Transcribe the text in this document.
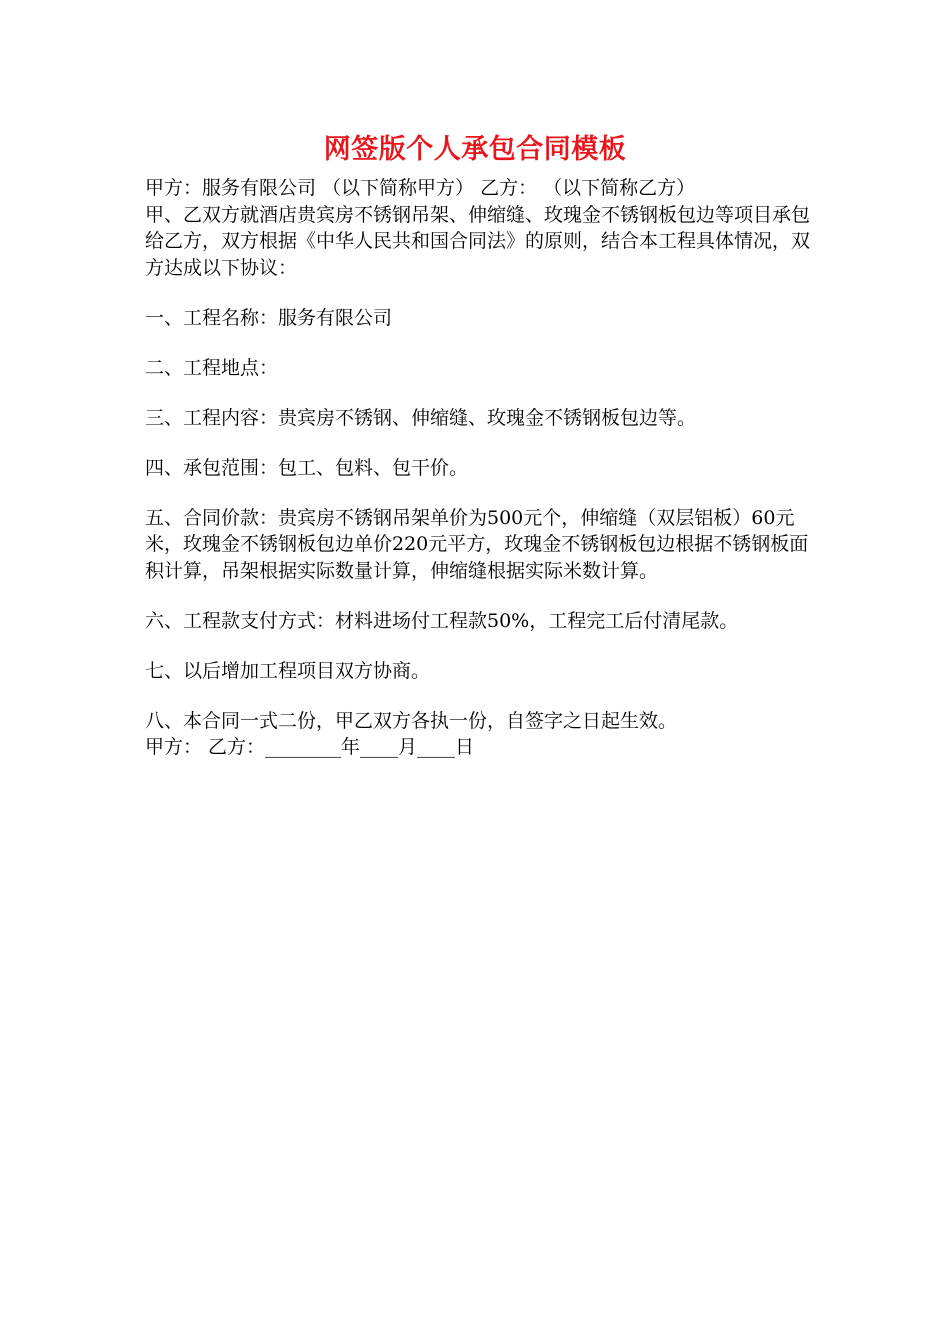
网签版个人承包合同模板

甲方：服务有限公司 （以下简称甲方） 乙方： （以下简称乙方）

甲、乙双方就酒店贵宾房不锈钢吊架、伸缩缝、玫瑰金不锈钢板包边等项目承包给乙方，双方根据《中华人民共和国合同法》的原则，结合本工程具体情况，双方达成以下协议：

一、工程名称：服务有限公司

二、工程地点：

三、工程内容：贵宾房不锈钢、伸缩缝、玫瑰金不锈钢板包边等。

四、承包范围：包工、包料、包干价。

五、合同价款：贵宾房不锈钢吊架单价为500元个，伸缩缝（双层铝板）60元米，玫瑰金不锈钢板包边单价220元平方，玫瑰金不锈钢板包边根据不锈钢板面积计算，吊架根据实际数量计算，伸缩缝根据实际米数计算。

六、工程款支付方式：材料进场付工程款50%，工程完工后付清尾款。

七、以后增加工程项目双方协商。

八、本合同一式二份，甲乙双方各执一份，自签字之日起生效。

甲方： 乙方：________年____月____日
